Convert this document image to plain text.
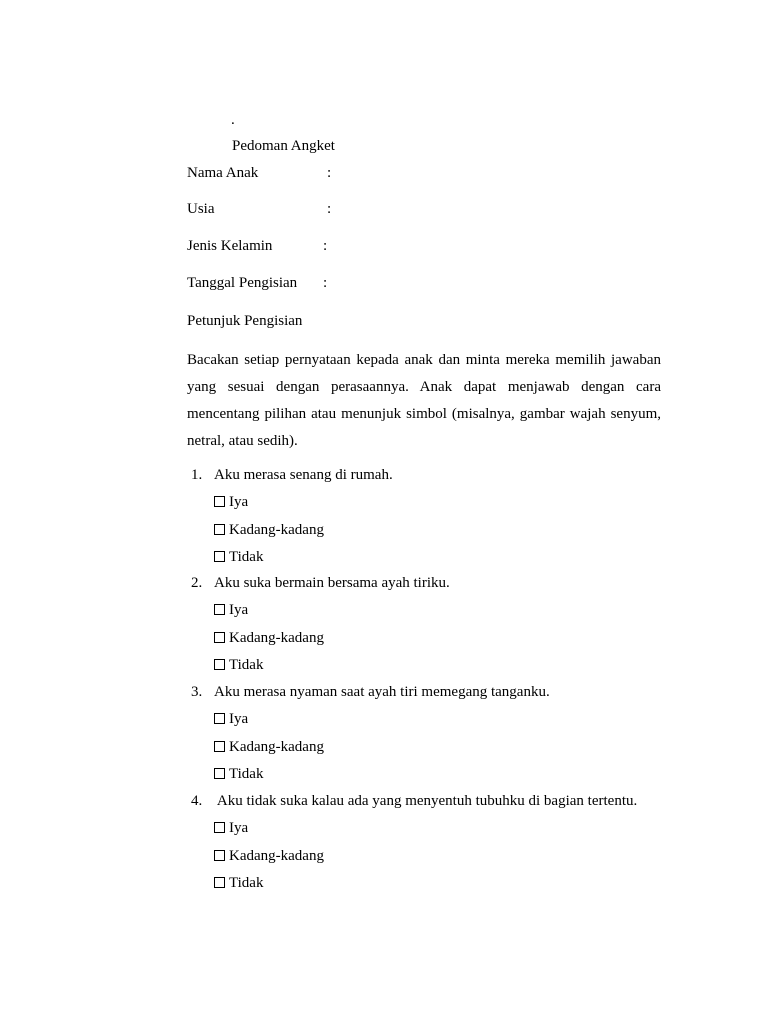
.
Pedoman Angket
Nama Anak	:
Usia	:
Jenis Kelamin	:
Tanggal Pengisian :
Petunjuk Pengisian
Bacakan setiap pernyataan kepada anak dan minta mereka memilih jawaban yang sesuai dengan perasaannya. Anak dapat menjawab dengan cara mencentang pilihan atau menunjuk simbol (misalnya, gambar wajah senyum, netral, atau sedih).
1. Aku merasa senang di rumah.
Iya
Kadang-kadang
Tidak
2. Aku suka bermain bersama ayah tiriku.
Iya
Kadang-kadang
Tidak
3. Aku merasa nyaman saat ayah tiri memegang tanganku.
Iya
Kadang-kadang
Tidak
4. Aku tidak suka kalau ada yang menyentuh tubuhku di bagian tertentu.
Iya
Kadang-kadang
Tidak
